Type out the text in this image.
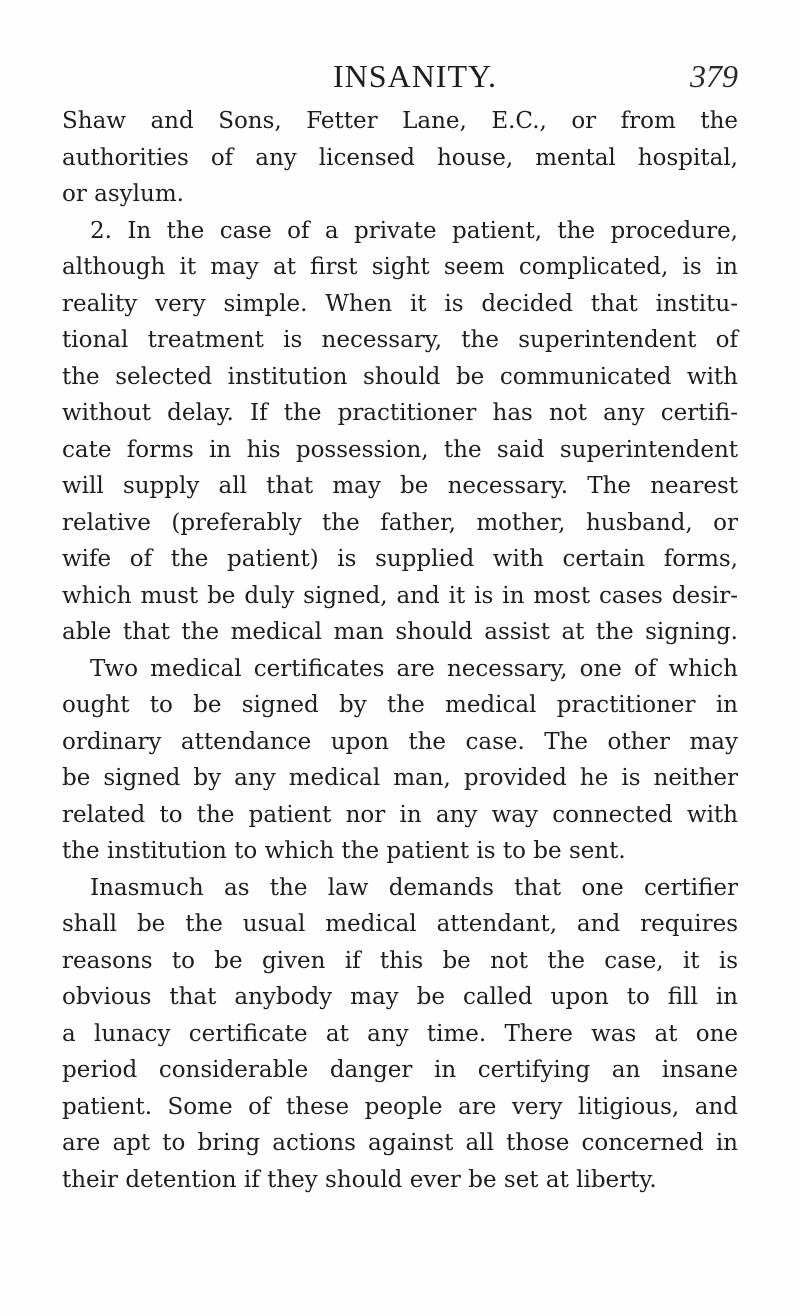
INSANITY.	379
Shaw and Sons, Fetter Lane, E.C., or from the
authorities of any licensed house, mental hospital,
or asylum.
2. In the case of a private patient, the procedure,
although it may at first sight seem complicated, is in
reality very simple. When it is decided that institu-
tional treatment is necessary, the superintendent of
the selected institution should be communicated with
without delay. If the practitioner has not any certifi-
cate forms in his possession, the said superintendent
will supply all that may be necessary. The nearest
relative (preferably the father, mother, husband, or
wife of the patient) is supplied with certain forms,
which must be duly signed, and it is in most cases desir-
able that the medical man should assist at the signing.
Two medical certificates are necessary, one of which
ought to be signed by the medical practitioner in
ordinary attendance upon the case. The other may
be signed by any medical man, provided he is neither
related to the patient nor in any way connected with
the institution to which the patient is to be sent.
Inasmuch as the law demands that one certifier
shall be the usual medical attendant, and requires
reasons to be given if this be not the case, it is
obvious that anybody may be called upon to fill in
a lunacy certificate at any time. There was at one
period considerable danger in certifying an insane
patient. Some of these people are very litigious, and
are apt to bring actions against all those concerned in
their detention if they should ever be set at liberty.
